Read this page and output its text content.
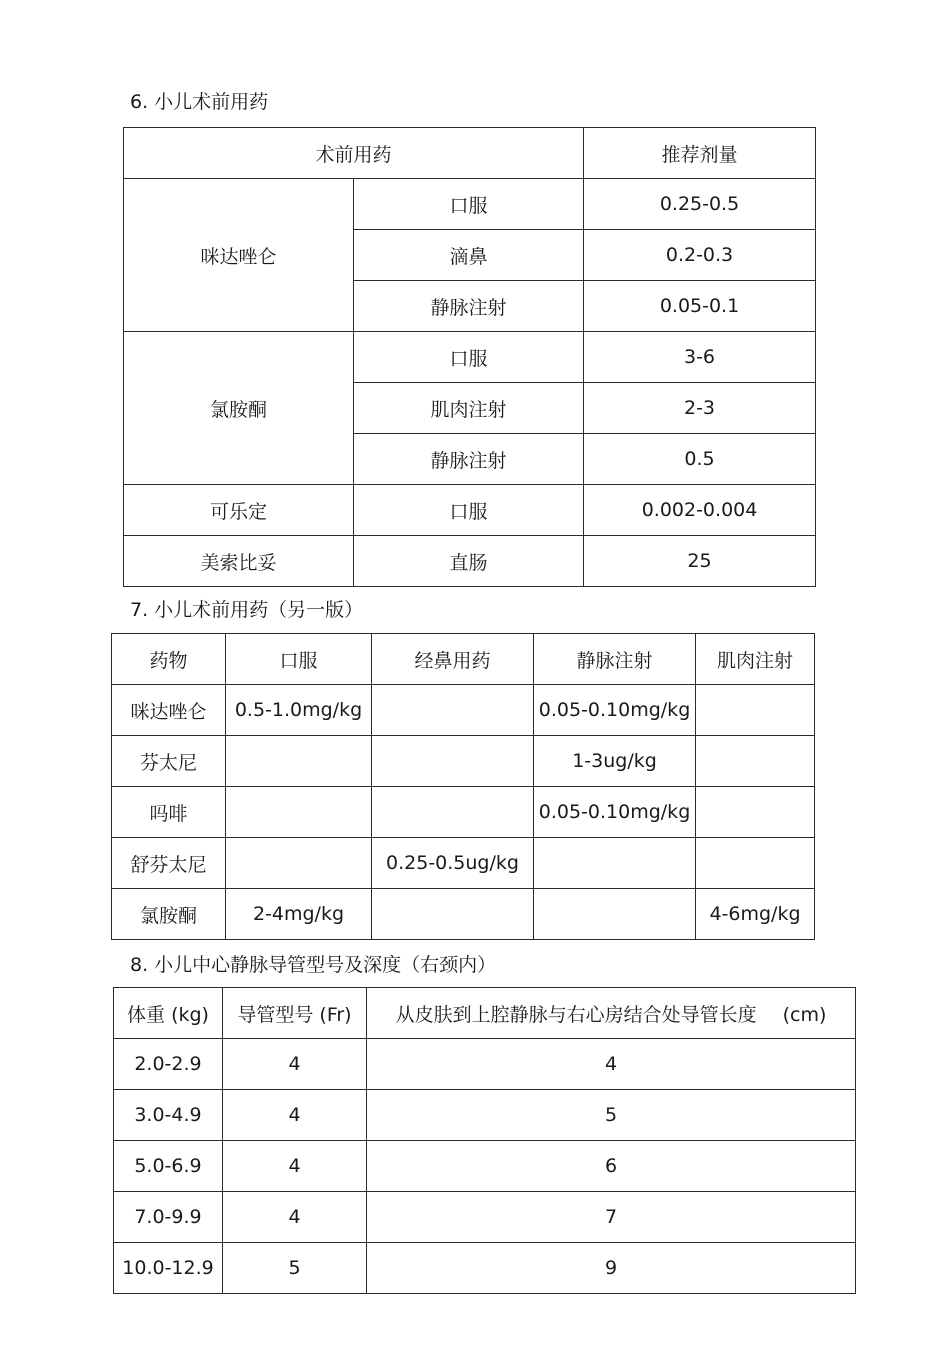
6. 小儿术前用药
术前用药		推荐剂量
咪达唑仑	口服	0.25-0.5
	滴鼻	0.2-0.3
	静脉注射	0.05-0.1
氯胺酮	口服	3-6
	肌肉注射	2-3
	静脉注射	0.5
可乐定	口服	0.002-0.004
美索比妥	直肠	25
7. 小儿术前用药（另一版）
药物	口服	经鼻用药	静脉注射	肌肉注射
咪达唑仑	0.5-1.0mg/kg		0.05-0.10mg/kg	
芬太尼			1-3ug/kg	
吗啡			0.05-0.10mg/kg	
舒芬太尼		0.25-0.5ug/kg		
氯胺酮	2-4mg/kg			4-6mg/kg
8. 小儿中心静脉导管型号及深度（右颈内）
体重 (kg)	导管型号 (Fr)	从皮肤到上腔静脉与右心房结合处导管长度 (cm)
2.0-2.9	4	4
3.0-4.9	4	5
5.0-6.9	4	6
7.0-9.9	4	7
10.0-12.9	5	9
